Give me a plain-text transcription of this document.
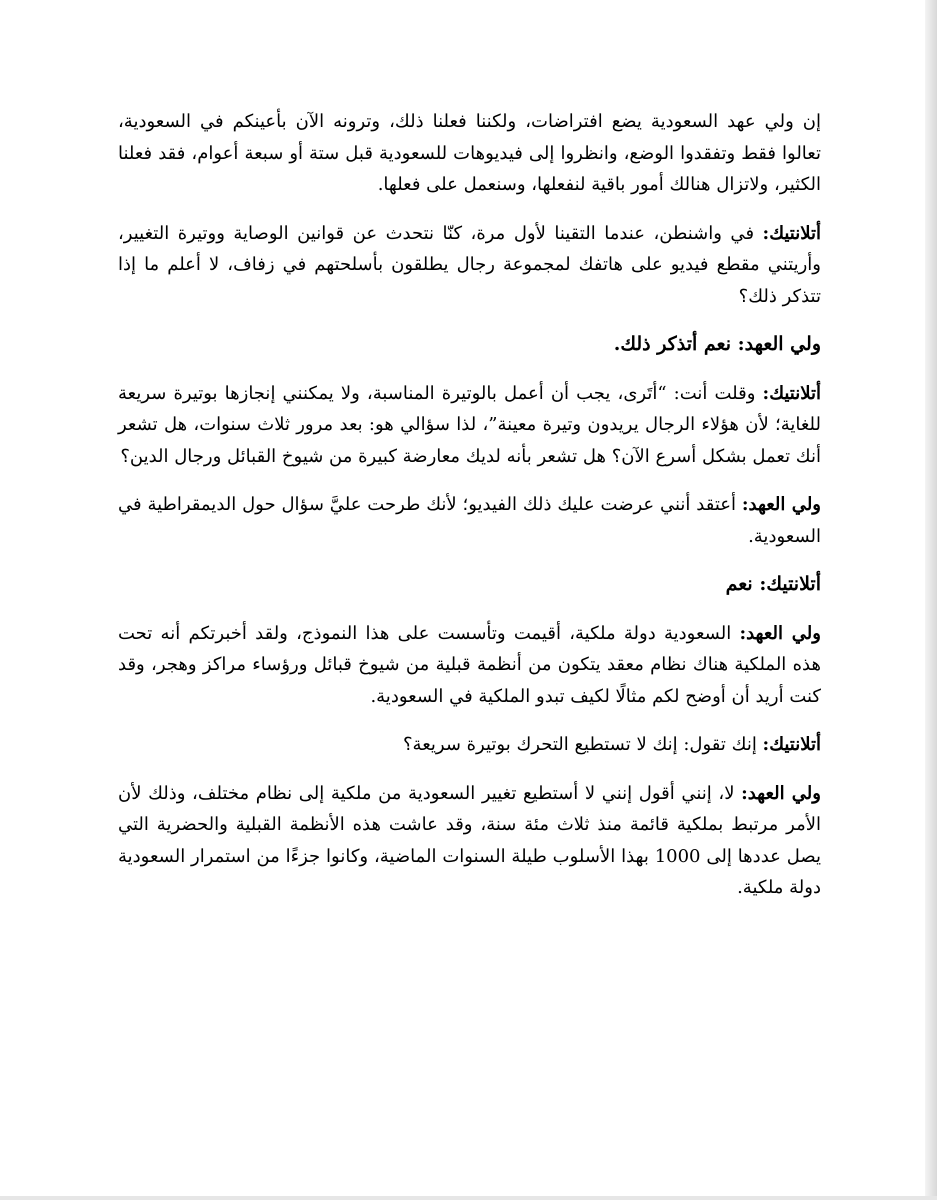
إن ولي عهد السعودية يضع افتراضات، ولكننا فعلنا ذلك، وترونه الآن بأعينكم في السعودية، تعالوا فقط وتفقدوا الوضع، وانظروا إلى فيديوهات للسعودية قبل ستة أو سبعة أعوام، فقد فعلنا الكثير، ولاتزال هنالك أمور باقية لنفعلها، وسنعمل على فعلها.

أتلانتيك: في واشنطن، عندما التقينا لأول مرة، كنّا نتحدث عن قوانين الوصاية ووتيرة التغيير، وأريتني مقطع فيديو على هاتفك لمجموعة رجال يطلقون بأسلحتهم في زفاف، لا أعلم ما إذا تتذكر ذلك؟

ولي العهد: نعم أتذكر ذلك.

أتلانتيك: وقلت أنت: “أتَرى، يجب أن أعمل بالوتيرة المناسبة، ولا يمكنني إنجازها بوتيرة سريعة للغاية؛ لأن هؤلاء الرجال يريدون وتيرة معينة”، لذا سؤالي هو: بعد مرور ثلاث سنوات، هل تشعر أنك تعمل بشكل أسرع الآن؟ هل تشعر بأنه لديك معارضة كبيرة من شيوخ القبائل ورجال الدين؟

ولي العهد: أعتقد أنني عرضت عليك ذلك الفيديو؛ لأنك طرحت عليَّ سؤال حول الديمقراطية في السعودية.

أتلانتيك: نعم

ولي العهد: السعودية دولة ملكية، أقيمت وتأسست على هذا النموذج، ولقد أخبرتكم أنه تحت هذه الملكية هناك نظام معقد يتكون من أنظمة قبلية من شيوخ قبائل ورؤساء مراكز وهجر، وقد كنت أريد أن أوضح لكم مثالًا لكيف تبدو الملكية في السعودية.

أتلانتيك: إنك تقول: إنك لا تستطيع التحرك بوتيرة سريعة؟

ولي العهد: لا، إنني أقول إنني لا أستطيع تغيير السعودية من ملكية إلى نظام مختلف، وذلك لأن الأمر مرتبط بملكية قائمة منذ ثلاث مئة سنة، وقد عاشت هذه الأنظمة القبلية والحضرية التي يصل عددها إلى 1000 بهذا الأسلوب طيلة السنوات الماضية، وكانوا جزءًا من استمرار السعودية دولة ملكية.
